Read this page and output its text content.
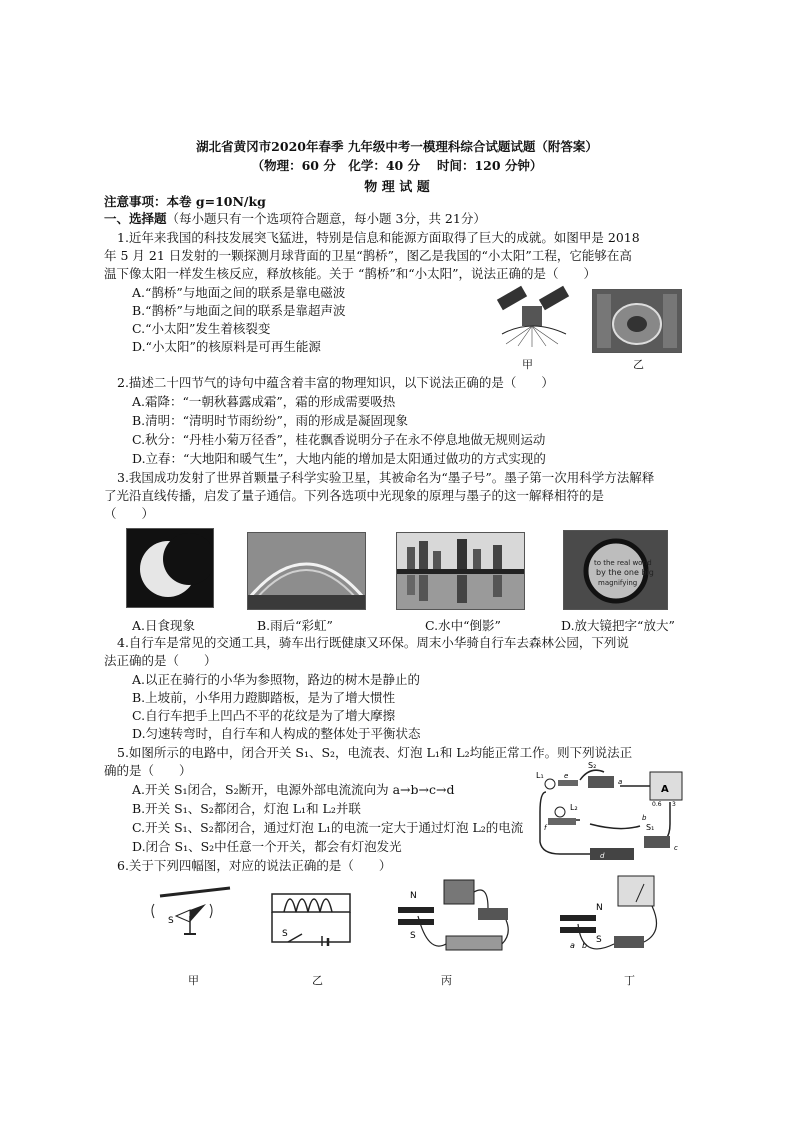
湖北省黄冈市2020年春季 九年级中考一模理科综合试题试题（附答案）
（物理：60 分　化学：40 分　 时间：120 分钟）
物 理 试 题
注意事项：本卷 g=10N/kg
一、选择题（每小题只有一个选项符合题意，每小题 3分，共 21分）
1.近年来我国的科技发展突飞猛进，特别是信息和能源方面取得了巨大的成就。如图甲是 2018
年 5 月 21 日发射的一颗探测月球背面的卫星“鹊桥”，图乙是我国的“小太阳”工程，它能够在高
温下像太阳一样发生核反应，释放核能。关于 “鹊桥”和“小太阳”，说法正确的是（　　）
A.“鹊桥”与地面之间的联系是靠电磁波
B.“鹊桥”与地面之间的联系是靠超声波
C.“小太阳”发生着核裂变
D.“小太阳”的核原料是可再生能源
甲	乙
2.描述二十四节气的诗句中蕴含着丰富的物理知识，以下说法正确的是（　　）
A.霜降：“一朝秋暮露成霜”，霜的形成需要吸热
B.清明：“清明时节雨纷纷”，雨的形成是凝固现象
C.秋分：“丹桂小菊万径香”，桂花飘香说明分子在永不停息地做无规则运动
D.立春：“大地阳和暖气生”，大地内能的增加是太阳通过做功的方式实现的
3.我国成功发射了世界首颗量子科学实验卫星，其被命名为“墨子号”。墨子第一次用科学方法解释
了光沿直线传播，启发了量子通信。下列各选项中光现象的原理与墨子的这一解释相符的是
（　　）
to the real world
by the one big
magnifying
A.日食现象	B.雨后“彩虹”	C.水中“倒影”	D.放大镜把字“放大”
4.自行车是常见的交通工具，骑车出行既健康又环保。周末小华骑自行车去森林公园，下列说
法正确的是（　　）
A.以正在骑行的小华为参照物，路边的树木是静止的
B.上坡前，小华用力蹬脚踏板，是为了增大惯性
C.自行车把手上凹凸不平的花纹是为了增大摩擦
D.匀速转弯时，自行车和人构成的整体处于平衡状态
5.如图所示的电路中，闭合开关 S₁、S₂，电流表、灯泡 L₁和 L₂均能正常工作。则下列说法正
确的是（　　）
A.开关 S₁闭合，S₂断开，电源外部电流流向为 a→b→c→d
B.开关 S₁、S₂都闭合，灯泡 L₁和 L₂并联
C.开关 S₁、S₂都闭合，通过灯泡 L₁的电流一定大于通过灯泡 L₂的电流
D.闭合 S₁、S₂中任意一个开关，都会有灯泡发光
L₁	e
L₂
f
S₂
a
A
0.6 3
S₁
c
d
b
6.关于下列四幅图，对应的说法正确的是（　　）
S
S
N
S
N
S
a b
甲	乙	丙	丁
